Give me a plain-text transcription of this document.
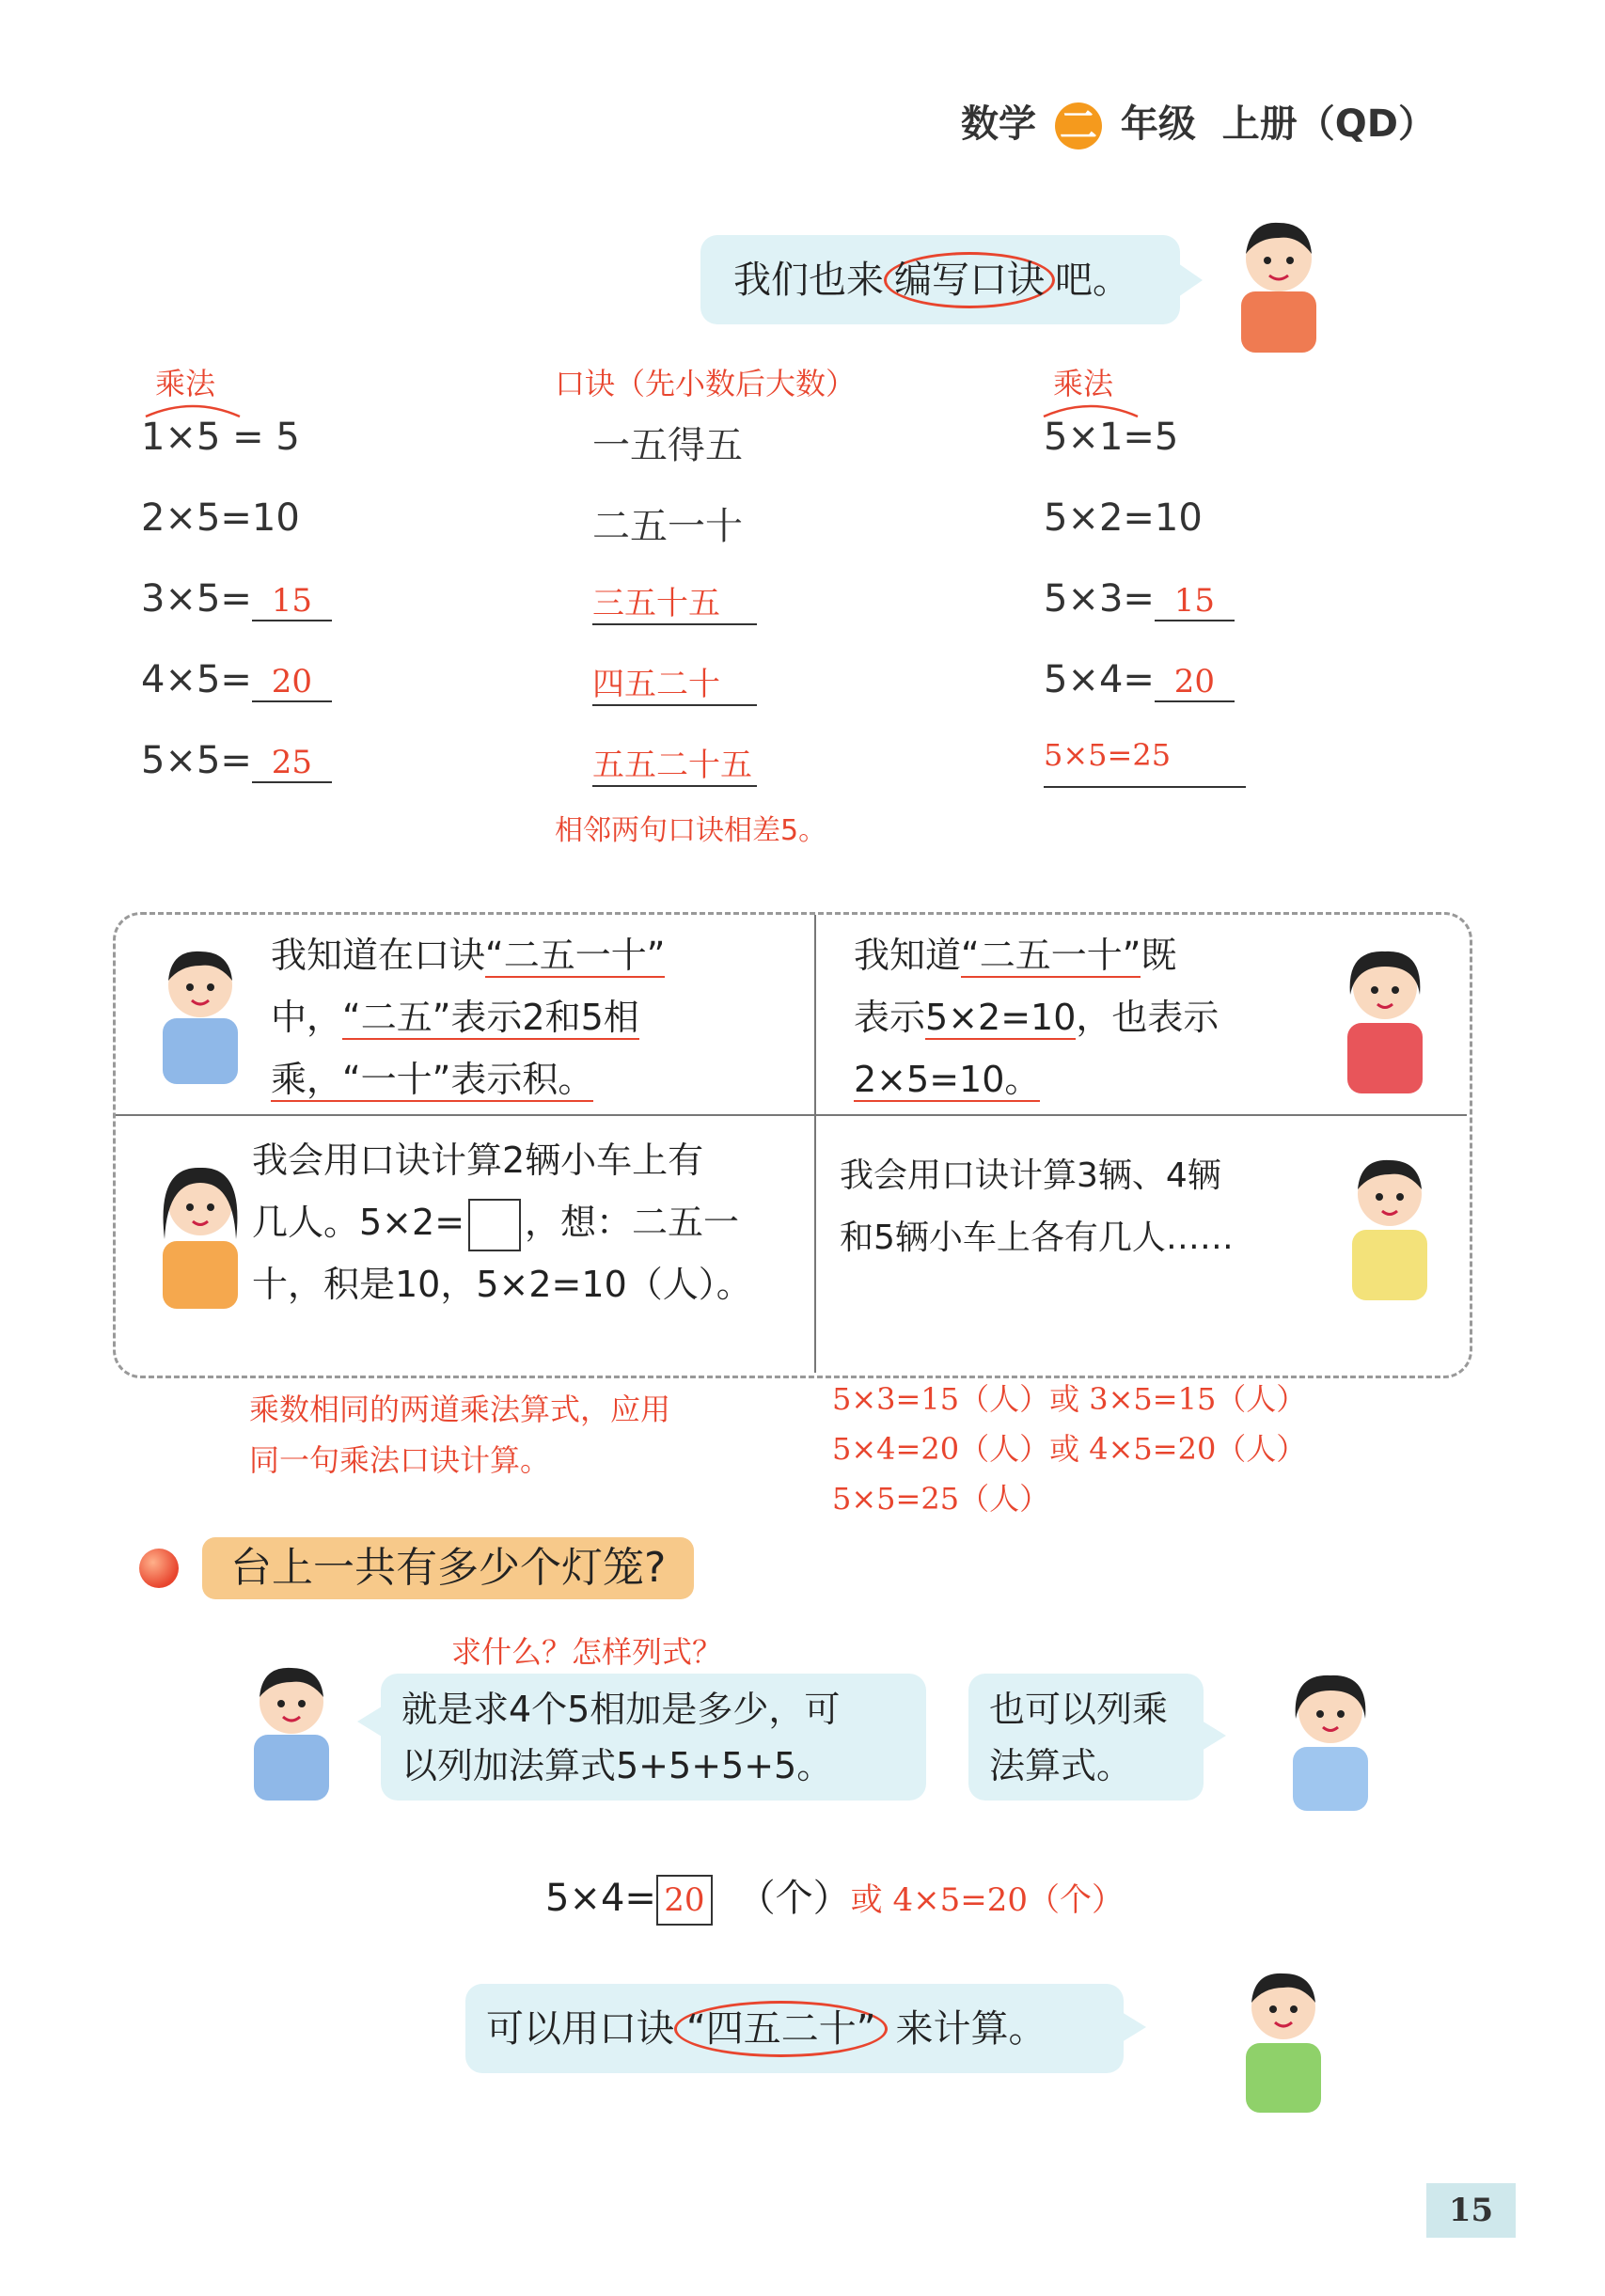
数学 二 年级 上册（QD）
我们也来 编写口诀 吧。
乘法	口诀（先小数后大数）	乘法
1×5 = 5	一五得五	5×1=5
2×5=10	二五一十	5×2=10
3×5= 15	三五十五	5×3= 15
4×5= 20	四五二十	5×4= 20
5×5= 25	五五二十五	5×5=25
相邻两句口诀相差5。
我知道在口诀“二五一十”
中，“二五”表示2和5相
乘，“一十”表示积。
我知道“二五一十”既
表示5×2=10，也表示
2×5=10。
我会用口诀计算2辆小车上有
几人。5×2= ，想：二五一
十，积是10，5×2=10（人）。
我会用口诀计算3辆、4辆
和5辆小车上各有几人……
乘数相同的两道乘法算式，应用
同一句乘法口诀计算。
5×3=15（人）或 3×5=15（人）
5×4=20（人）或 4×5=20（人）
5×5=25（人）
台上一共有多少个灯笼?
求什么？怎样列式？
就是求4个5相加是多少，可
以列加法算式5+5+5+5。
也可以列乘
法算式。
5×4= 20 （个）或 4×5=20（个）
可以用口诀 “四五二十” 来计算。
15
